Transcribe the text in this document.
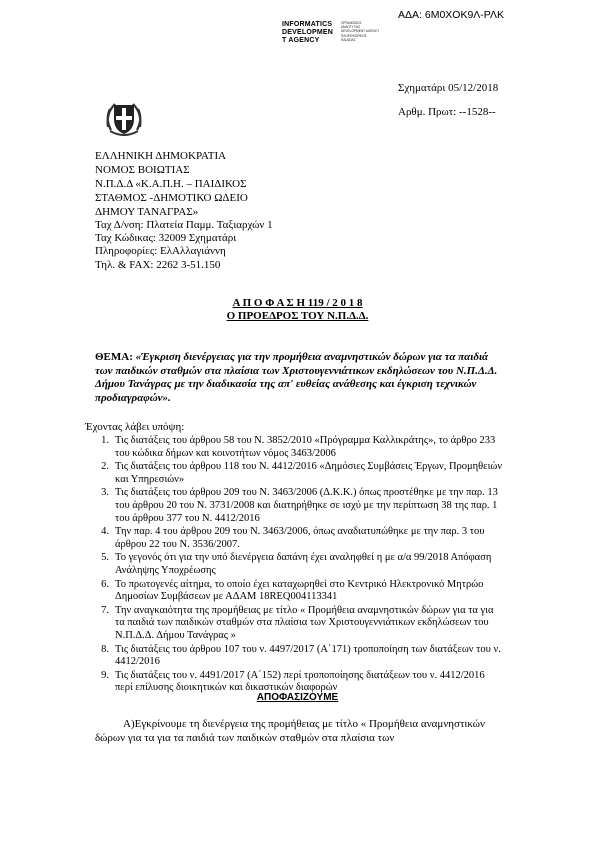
ΑΔΑ: 6Μ0ΧΟΚ9Λ-ΡΛΚ
INFORMATICS
DEVELOPMEN
T AGENCY
ΟΡΓΑΝΙΣΜΟΣ
ΑΝΑΠΤΥΞΗΣ
DEVELOPMENT AGENCY
ΠΛΗΡΟΦΟΡΙΚΗΣ
ΠΑΙΔΕΙΑΣ
Σχηματάρι 05/12/2018
Αρθμ. Πρωτ: --1528--
ΕΛΛΗΝΙΚΗ ΔΗΜΟΚΡΑΤΙΑ
ΝΟΜΟΣ ΒΟΙΩΤΙΑΣ
Ν.Π.Δ.Δ «Κ.Α.Π.Η. – ΠΑΙΔΙΚΟΣ
ΣΤΑΘΜΟΣ -ΔΗΜΟΤΙΚΟ ΩΔΕΙΟ
ΔΗΜΟΥ ΤΑΝΑΓΡΑΣ»
Ταχ Δ/νση: Πλατεία Παμμ. Ταξιαρχών 1
Ταχ Κώδικας: 32009 Σχηματάρι
Πληροφορίες: ΕλΑλλαγιάννη
Τηλ. & FAX: 2262 3-51.150
Α Π Ο Φ Α Σ Η 119 / 2 0 1 8
Ο ΠΡΟΕΔΡΟΣ ΤΟΥ Ν.Π.Δ.Δ.
ΘΕΜΑ: «Έγκριση διενέργειας για την προμήθεια αναμνηστικών δώρων για τα παιδιά των παιδικών σταθμών στα πλαίσια των Χριστουγεννιάτικων εκδηλώσεων του Ν.Π.Δ.Δ. Δήμου Τανάγρας με την διαδικασία της απ' ευθείας ανάθεσης και έγκριση τεχνικών προδιαγραφών».
Έχοντας λάβει υπόψη:
1. Τις διατάξεις του άρθρου 58 του Ν. 3852/2010 «Πρόγραμμα Καλλικράτης», το άρθρο 233 του κώδικα δήμων και κοινοτήτων νόμος 3463/2006
2. Τις διατάξεις του άρθρου 118 του Ν. 4412/2016 «Δημόσιες Συμβάσεις Έργων, Προμηθειών και Υπηρεσιών»
3. Τις διατάξεις του άρθρου 209 του Ν. 3463/2006 (Δ.Κ.Κ.) όπως προστέθηκε με την παρ. 13 του άρθρου 20 του Ν. 3731/2008 και διατηρήθηκε σε ισχύ με την περίπτωση 38 της παρ. 1 του άρθρου 377 του Ν. 4412/2016
4. Την παρ. 4 του άρθρου 209 του Ν. 3463/2006, όπως αναδιατυπώθηκε με την παρ. 3 του άρθρου 22 του Ν. 3536/2007.
5. Το γεγονός ότι για την υπό διενέργεια δαπάνη έχει αναληφθεί η με α/α 99/2018 Απόφαση Ανάληψης Υποχρέωσης
6. Το πρωτογενές αίτημα, το οποίο έχει καταχωρηθεί στο Κεντρικό Ηλεκτρονικό Μητρώο Δημοσίων Συμβάσεων με ΑΔΑΜ 18REQ004113341
7. Την αναγκαιότητα της προμήθειας με τίτλο « Προμήθεια αναμνηστικών δώρων για τα για τα παιδιά των παιδικών σταθμών στα πλαίσια των Χριστουγεννιάτικων εκδηλώσεων του Ν.Π.Δ.Δ. Δήμου Τανάγρας »
8. Τις διατάξεις του άρθρου 107 του ν. 4497/2017 (Α΄171) τροποποίηση των διατάξεων του ν. 4412/2016
9. Τις διατάξεις του ν. 4491/2017 (Α΄152) περί τροποποίησης διατάξεων του ν. 4412/2016 περί επίλυσης διοικητικών και δικαστικών διαφορών
ΑΠΟΦΑΣΙΖΟΥΜΕ
Α)Εγκρίνουμε τη διενέργεια της προμήθειας με τίτλο « Προμήθεια αναμνηστικών δώρων για τα για τα παιδιά των παιδικών σταθμών στα πλαίσια των
